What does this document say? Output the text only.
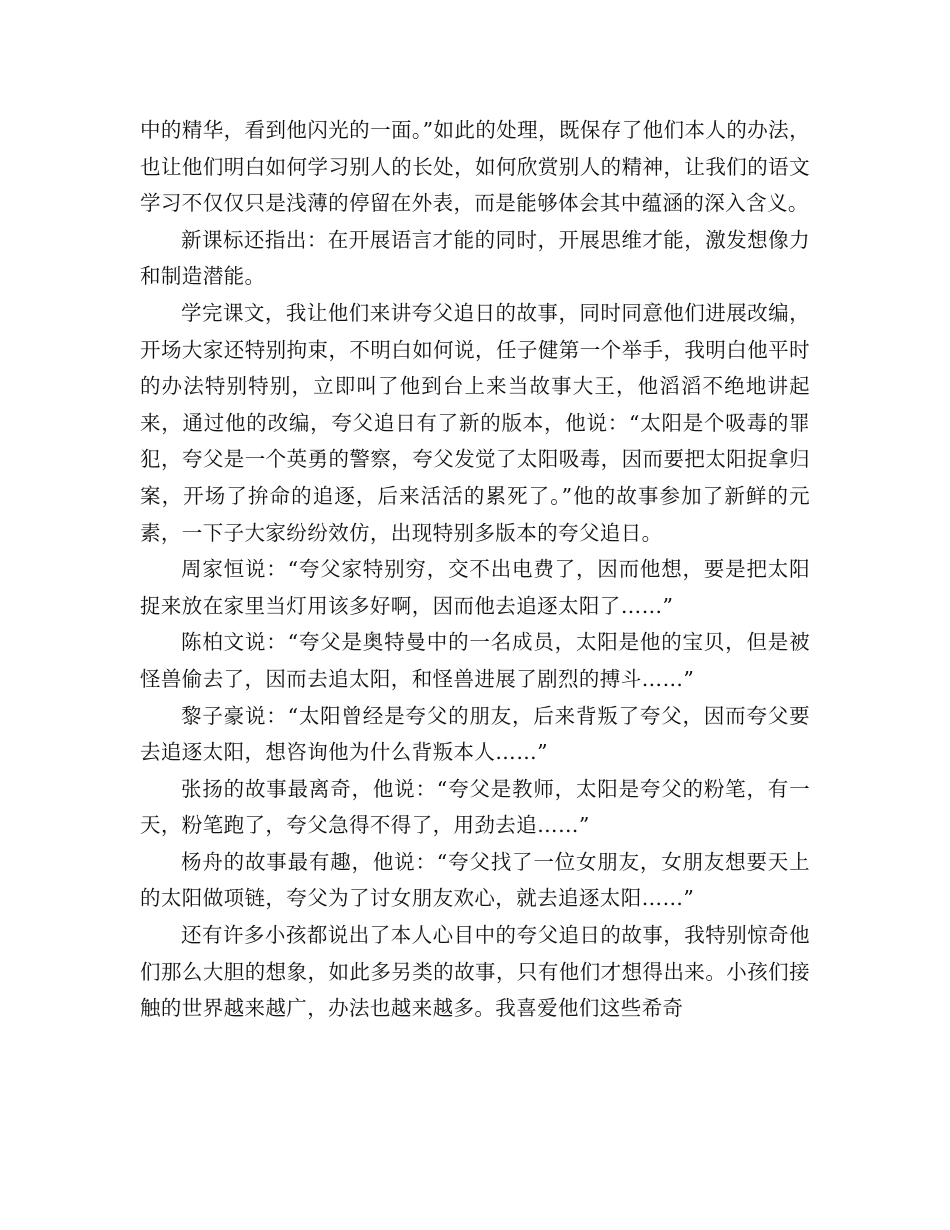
中的精华，看到他闪光的一面。”如此的处理，既保存了他们本人的办法，也让他们明白如何学习别人的长处，如何欣赏别人的精神，让我们的语文学习不仅仅只是浅薄的停留在外表，而是能够体会其中蕴涵的深入含义。

新课标还指出：在开展语言才能的同时，开展思维才能，激发想像力和制造潜能。

学完课文，我让他们来讲夸父追日的故事，同时同意他们进展改编，开场大家还特别拘束，不明白如何说，任子健第一个举手，我明白他平时的办法特别特别，立即叫了他到台上来当故事大王，他滔滔不绝地讲起来，通过他的改编，夸父追日有了新的版本，他说：“太阳是个吸毒的罪犯，夸父是一个英勇的警察，夸父发觉了太阳吸毒，因而要把太阳捉拿归案，开场了拚命的追逐，后来活活的累死了。”他的故事参加了新鲜的元素，一下子大家纷纷效仿，出现特别多版本的夸父追日。

周家恒说：“夸父家特别穷，交不出电费了，因而他想，要是把太阳捉来放在家里当灯用该多好啊，因而他去追逐太阳了……”

陈柏文说：“夸父是奥特曼中的一名成员，太阳是他的宝贝，但是被怪兽偷去了，因而去追太阳，和怪兽进展了剧烈的搏斗……”

黎子豪说：“太阳曾经是夸父的朋友，后来背叛了夸父，因而夸父要去追逐太阳，想咨询他为什么背叛本人……”

张扬的故事最离奇，他说：“夸父是教师，太阳是夸父的粉笔，有一天，粉笔跑了，夸父急得不得了，用劲去追……”

杨舟的故事最有趣，他说：“夸父找了一位女朋友，女朋友想要天上的太阳做项链，夸父为了讨女朋友欢心，就去追逐太阳……”

还有许多小孩都说出了本人心目中的夸父追日的故事，我特别惊奇他们那么大胆的想象，如此多另类的故事，只有他们才想得出来。小孩们接触的世界越来越广，办法也越来越多。我喜爱他们这些希奇
